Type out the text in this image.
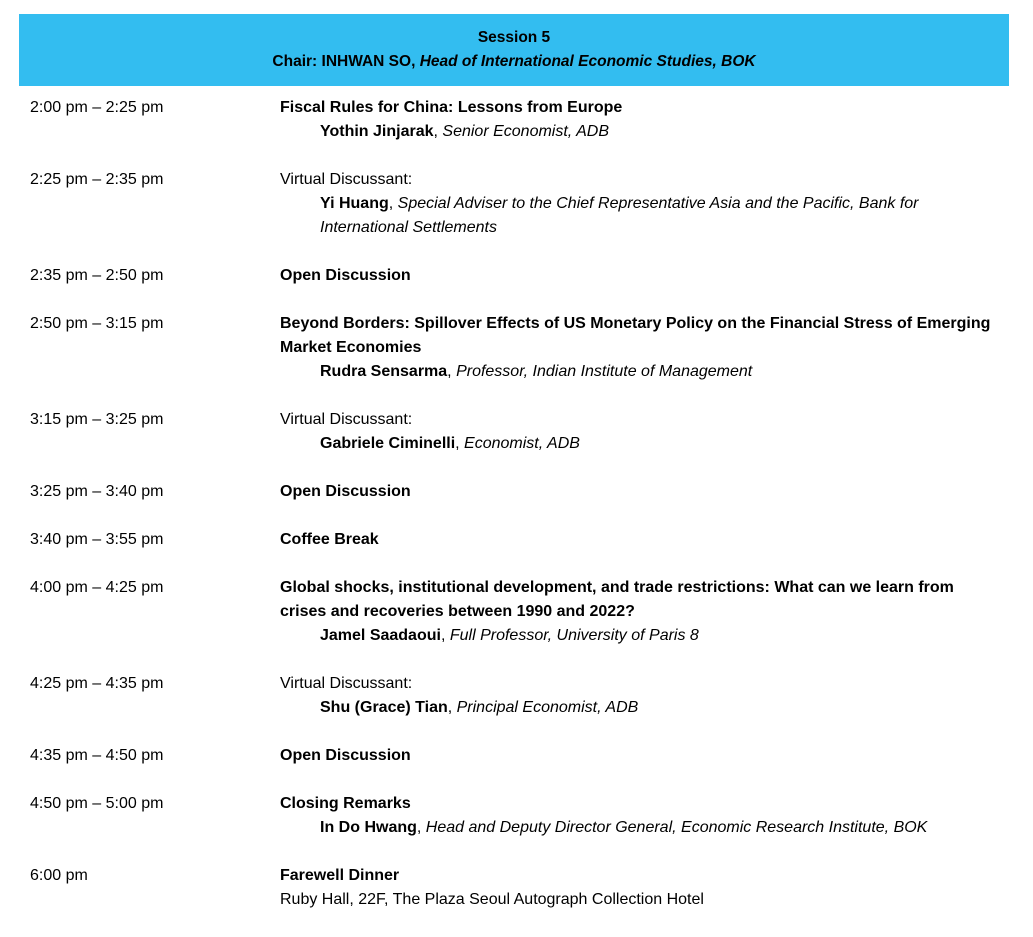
Session 5
Chair: INHWAN SO, Head of International Economic Studies, BOK
2:00 pm – 2:25 pm	Fiscal Rules for China: Lessons from Europe
Yothin Jinjarak, Senior Economist, ADB
2:25 pm – 2:35 pm	Virtual Discussant:
Yi Huang, Special Adviser to the Chief Representative Asia and the Pacific, Bank for International Settlements
2:35 pm – 2:50 pm	Open Discussion
2:50 pm – 3:15 pm	Beyond Borders: Spillover Effects of US Monetary Policy on the Financial Stress of Emerging Market Economies
Rudra Sensarma, Professor, Indian Institute of Management
3:15 pm – 3:25 pm	Virtual Discussant:
Gabriele Ciminelli, Economist, ADB
3:25 pm – 3:40 pm	Open Discussion
3:40 pm – 3:55 pm	Coffee Break
4:00 pm – 4:25 pm	Global shocks, institutional development, and trade restrictions: What can we learn from crises and recoveries between 1990 and 2022?
Jamel Saadaoui, Full Professor, University of Paris 8
4:25 pm – 4:35 pm	Virtual Discussant:
Shu (Grace) Tian, Principal Economist, ADB
4:35 pm – 4:50 pm	Open Discussion
4:50 pm – 5:00 pm	Closing Remarks
In Do Hwang, Head and Deputy Director General, Economic Research Institute, BOK
6:00 pm	Farewell Dinner
Ruby Hall, 22F, The Plaza Seoul Autograph Collection Hotel
